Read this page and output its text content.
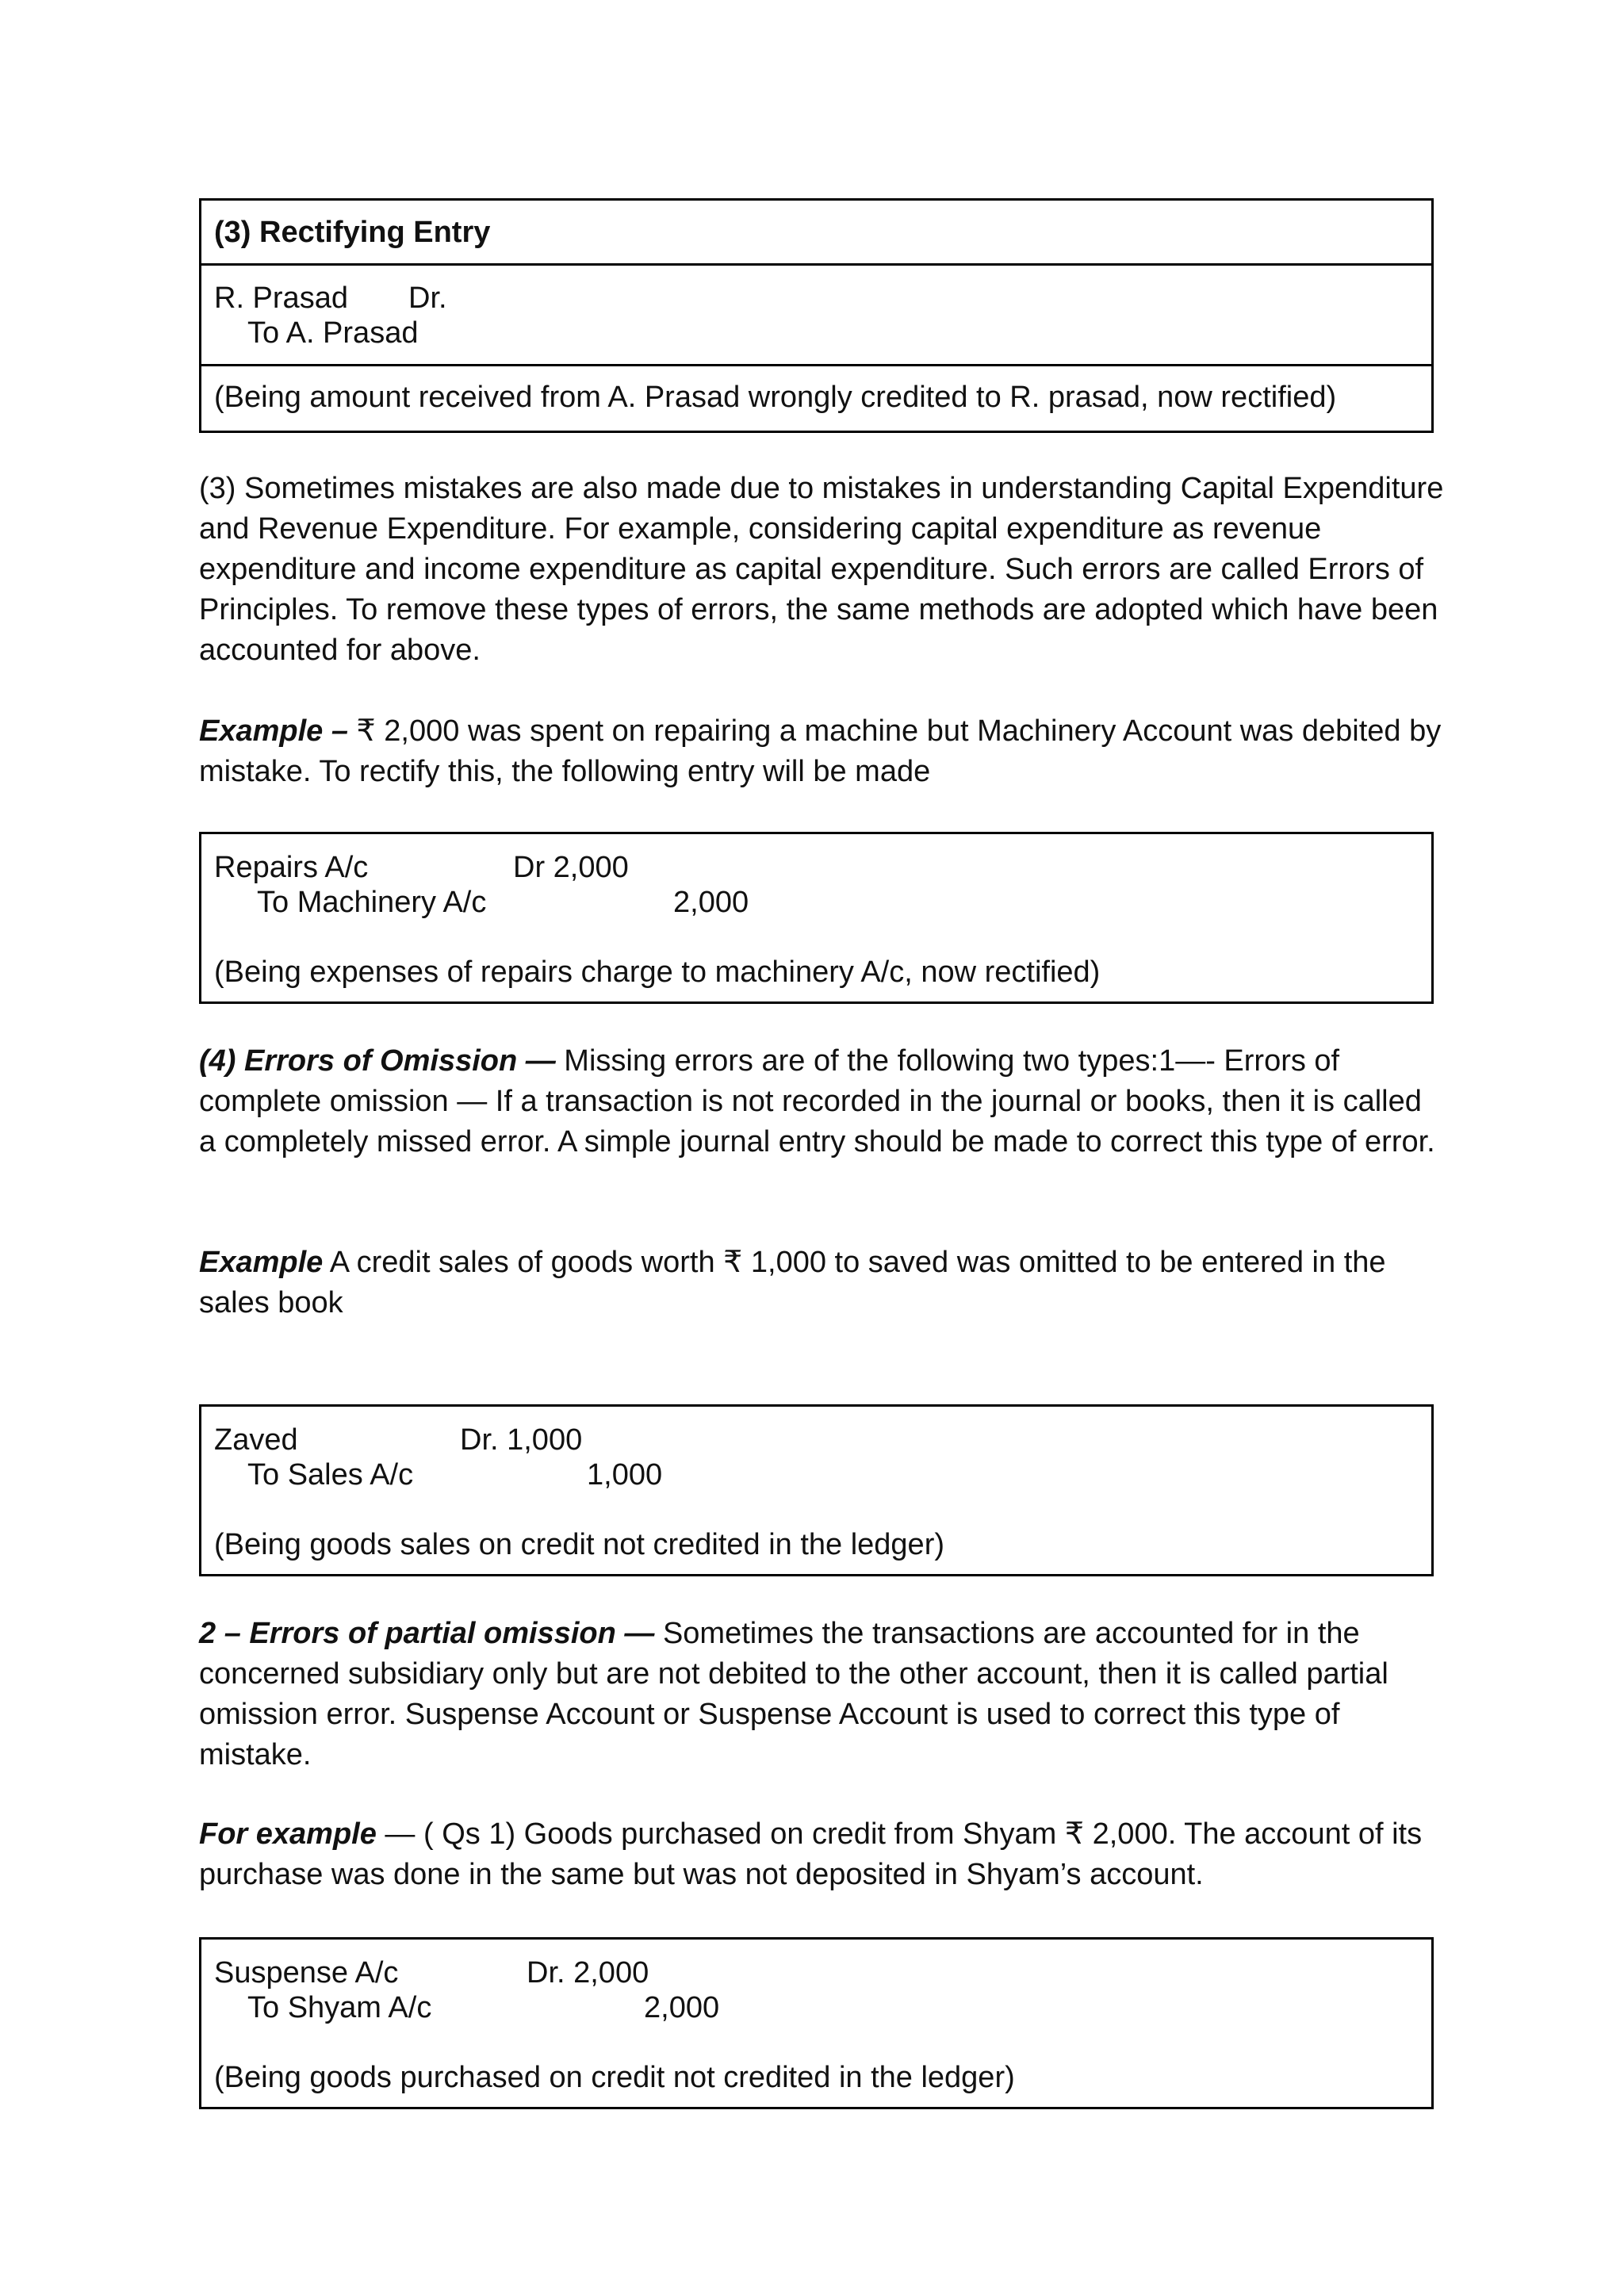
(3) Rectifying Entry
R. Prasad Dr.
To A. Prasad
(Being amount received from A. Prasad wrongly credited to R. prasad, now rectified)

(3) Sometimes mistakes are also made due to mistakes in understanding Capital Expenditure and Revenue Expenditure. For example, considering capital expenditure as revenue expenditure and income expenditure as capital expenditure. Such errors are called Errors of Principles. To remove these types of errors, the same methods are adopted which have been accounted for above.

Example – ₹ 2,000 was spent on repairing a machine but Machinery Account was debited by mistake. To rectify this, the following entry will be made

Repairs A/c	Dr 2,000
To Machinery A/c	2,000
(Being expenses of repairs charge to machinery A/c, now rectified)

(4) Errors of Omission — Missing errors are of the following two types:1—- Errors of complete omission — If a transaction is not recorded in the journal or books, then it is called a completely missed error. A simple journal entry should be made to correct this type of error.

Example A credit sales of goods worth ₹ 1,000 to saved was omitted to be entered in the sales book

Zaved	Dr. 1,000
To Sales A/c	1,000
(Being goods sales on credit not credited in the ledger)

2 – Errors of partial omission — Sometimes the transactions are accounted for in the concerned subsidiary only but are not debited to the other account, then it is called partial omission error. Suspense Account or Suspense Account is used to correct this type of mistake.

For example — ( Qs 1) Goods purchased on credit from Shyam ₹ 2,000. The account of its purchase was done in the same but was not deposited in Shyam’s account.

Suspense A/c	Dr. 2,000
To Shyam A/c	2,000
(Being goods purchased on credit not credited in the ledger)
